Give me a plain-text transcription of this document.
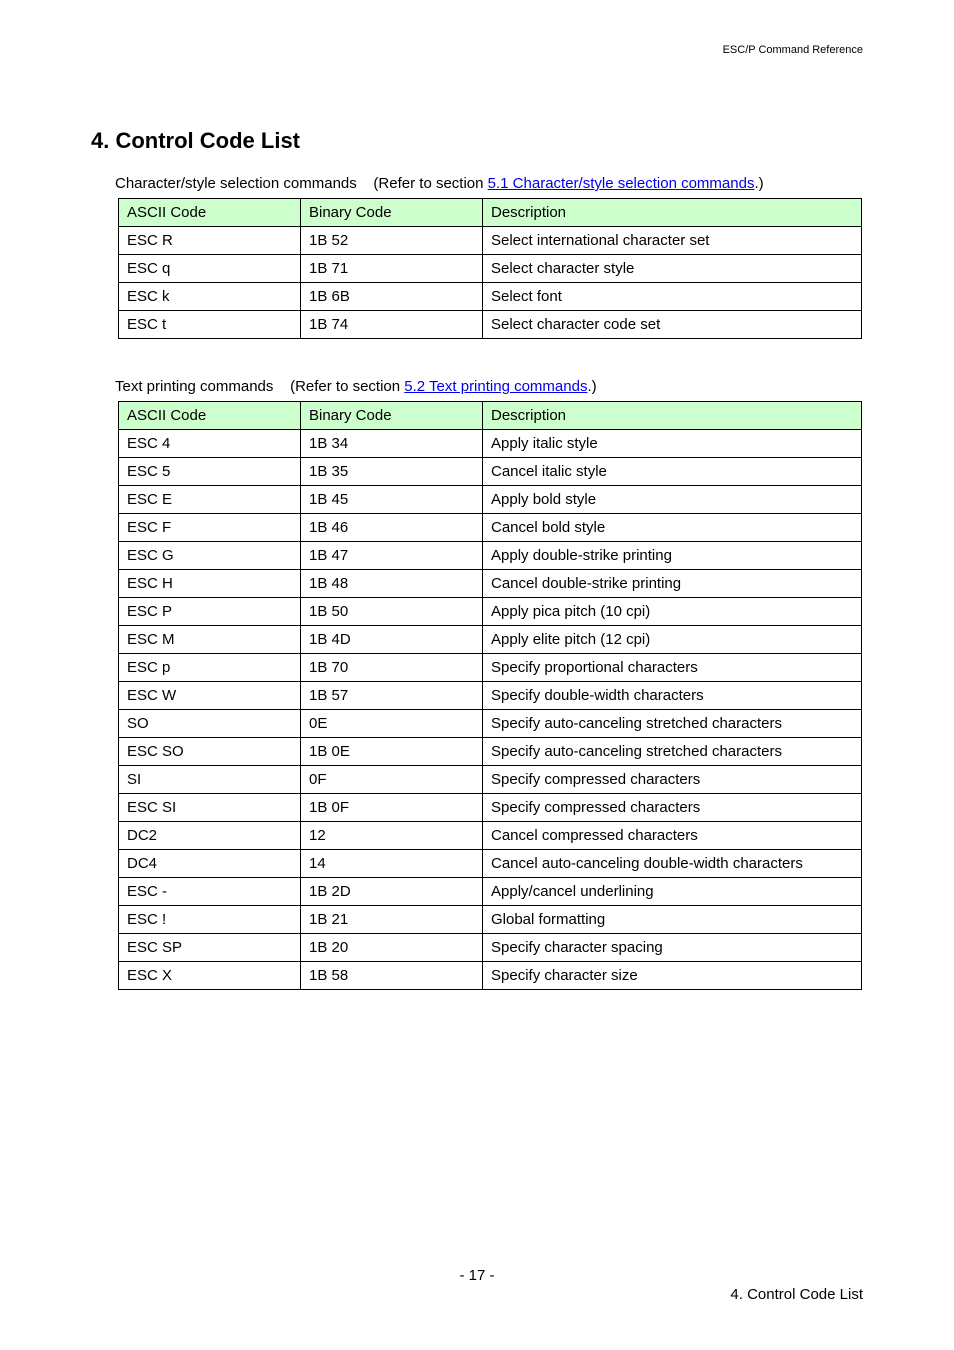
ESC/P Command Reference
4. Control Code List
Character/style selection commands    (Refer to section 5.1 Character/style selection commands.)
ASCII Code	Binary Code	Description
ESC R	1B 52	Select international character set
ESC q	1B 71	Select character style
ESC k	1B 6B	Select font
ESC t	1B 74	Select character code set
Text printing commands    (Refer to section 5.2 Text printing commands.)
ASCII Code	Binary Code	Description
ESC 4	1B 34	Apply italic style
ESC 5	1B 35	Cancel italic style
ESC E	1B 45	Apply bold style
ESC F	1B 46	Cancel bold style
ESC G	1B 47	Apply double-strike printing
ESC H	1B 48	Cancel double-strike printing
ESC P	1B 50	Apply pica pitch (10 cpi)
ESC M	1B 4D	Apply elite pitch (12 cpi)
ESC p	1B 70	Specify proportional characters
ESC W	1B 57	Specify double-width characters
SO	0E	Specify auto-canceling stretched characters
ESC SO	1B 0E	Specify auto-canceling stretched characters
SI	0F	Specify compressed characters
ESC SI	1B 0F	Specify compressed characters
DC2	12	Cancel compressed characters
DC4	14	Cancel auto-canceling double-width characters
ESC -	1B 2D	Apply/cancel underlining
ESC !	1B 21	Global formatting
ESC SP	1B 20	Specify character spacing
ESC X	1B 58	Specify character size
- 17 -
4. Control Code List
